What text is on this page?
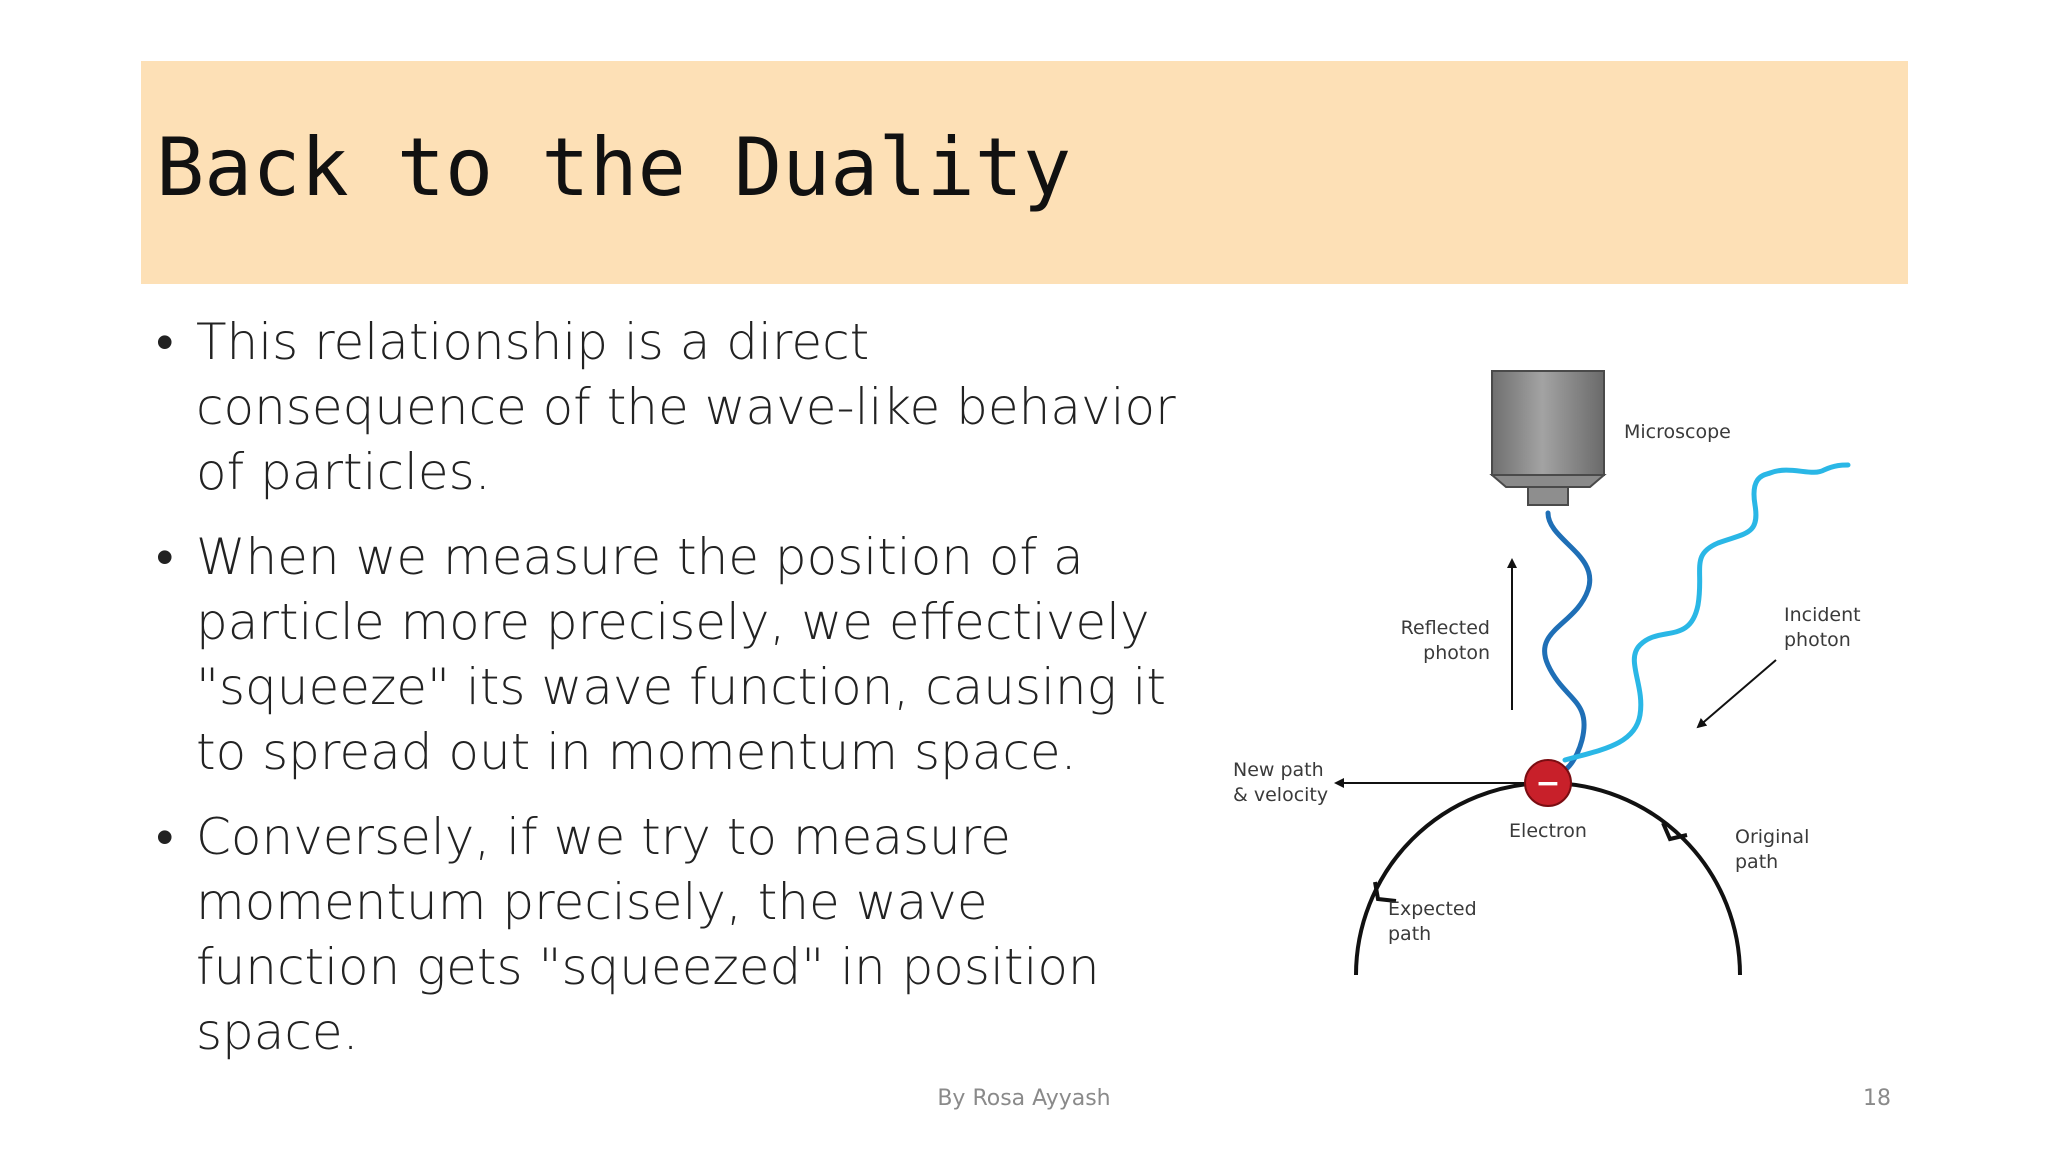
Back to the Duality
• This relationship is a direct consequence of the wave-like behavior of particles.
• When we measure the position of a particle more precisely, we effectively "squeeze" its wave function, causing it to spread out in momentum space.
• Conversely, if we try to measure momentum precisely, the wave function gets "squeezed" in position space.
Microscope
Reflected
photon
Incident
photon
New path
& velocity	−
Electron	Original
path
Expected
path
By Rosa Ayyash	18
